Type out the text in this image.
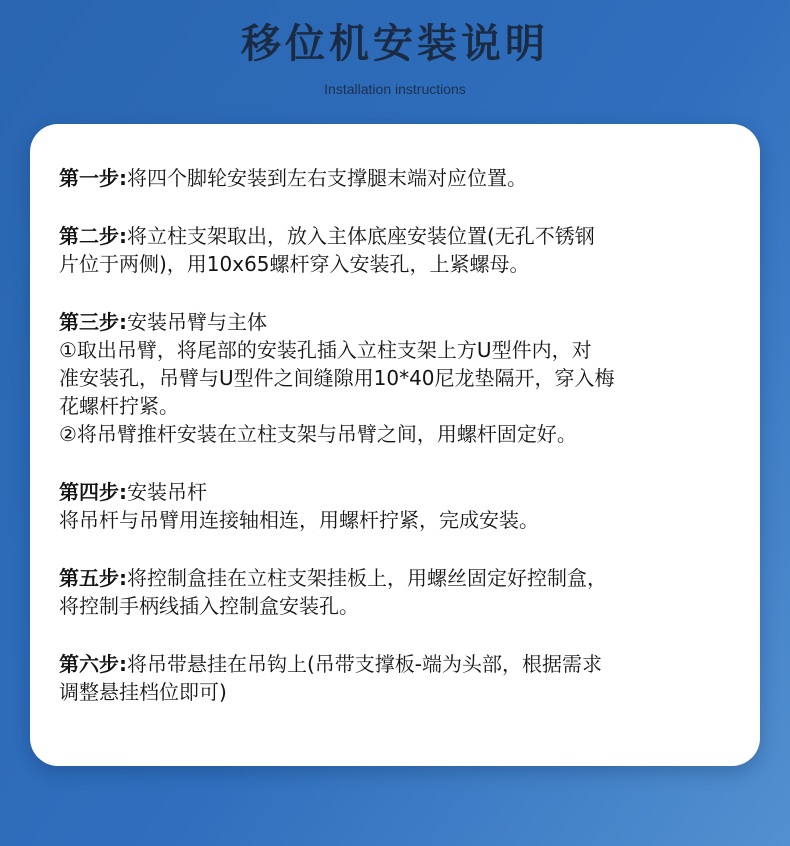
移位机安装说明
Installation instructions
第一步:将四个脚轮安装到左右支撑腿末端对应位置。
第二步:将立柱支架取出，放入主体底座安装位置(无孔不锈钢
片位于两侧)，用10x65螺杆穿入安装孔，上紧螺母。
第三步:安装吊臂与主体
①取出吊臂，将尾部的安装孔插入立柱支架上方U型件内，对
准安装孔，吊臂与U型件之间缝隙用10*40尼龙垫隔开，穿入梅
花螺杆拧紧。
②将吊臂推杆安装在立柱支架与吊臂之间，用螺杆固定好。
第四步:安装吊杆
将吊杆与吊臂用连接轴相连，用螺杆拧紧，完成安装。
第五步:将控制盒挂在立柱支架挂板上，用螺丝固定好控制盒，
将控制手柄线插入控制盒安装孔。
第六步:将吊带悬挂在吊钩上(吊带支撑板-端为头部，根据需求
调整悬挂档位即可)
